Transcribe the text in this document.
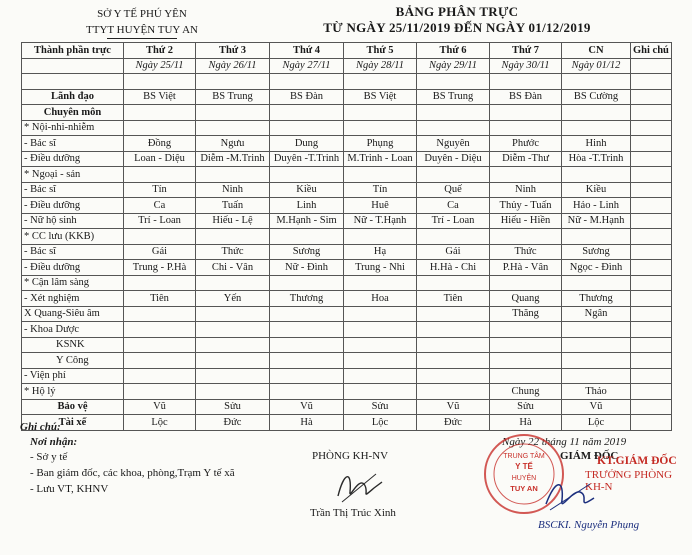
SỞ Y TẾ PHÚ YÊN
TTYT HUYỆN TUY AN
BẢNG PHÂN TRỰC
TỪ NGÀY 25/11/2019 ĐẾN NGÀY 01/12/2019
Thành phần trực	Thứ 2	Thứ 3	Thứ 4	Thứ 5	Thứ 6	Thứ 7	CN	Ghi chú
	Ngày 25/11	Ngày 26/11	Ngày 27/11	Ngày 28/11	Ngày 29/11	Ngày 30/11	Ngày 01/12	

Lãnh đạo	BS Việt	BS Trung	BS Đàn	BS Việt	BS Trung	BS Đàn	BS Cường	
Chuyên môn								
* Nội-nhi-nhiễm								
- Bác sĩ	Đồng	Ngưu	Dung	Phụng	Nguyên	Phước	Hinh	
- Điều dưỡng	Loan - Diệu	Diễm -M.Trinh	Duyên -T.Trinh	M.Trinh - Loan	Duyên - Diệu	Diễm -Thư	Hòa -T.Trinh	
* Ngoại - sản								
- Bác sĩ	Tín	Ninh	Kiều	Tín	Quế	Ninh	Kiều	
- Điều dưỡng	Ca	Tuấn	Linh	Huê	Ca	Thủy - Tuấn	Hảo - Linh	
- Nữ hộ sinh	Trí - Loan	Hiếu - Lệ	M.Hạnh - Sim	Nữ - T.Hạnh	Trí - Loan	Hiếu - Hiền	Nữ - M.Hạnh	
* CC lưu (KKB)								
- Bác sĩ	Gái	Thức	Sương	Hạ	Gái	Thức	Sương	
- Điều dưỡng	Trung - P.Hà	Chi - Vân	Nữ - Đình	Trung - Nhi	H.Hà - Chi	P.Hà - Vân	Ngọc - Đình	
* Cận lâm sàng								
- Xét nghiệm	Tiên	Yến	Thương	Hoa	Tiên	Quang	Thương	
X Quang-Siêu âm						Thăng	Ngân	
- Khoa Dược								
KSNK								
Y Công								
- Viện phí								
* Hộ lý						Chung	Thảo	
Bảo vệ	Vũ	Sửu	Vũ	Sửu	Vũ	Sửu	Vũ	
Tài xế	Lộc	Đức	Hà	Lộc	Đức	Hà	Lộc	
Ghi chú:
Nơi nhận:
- Sở y tế
- Ban giám đốc, các khoa, phòng,Trạm Y tế xã
- Lưu VT, KHNV
PHÒNG KH-NV
Trần Thị Trúc Xinh
Ngày 22 tháng 11 năm 2019
GIÁM ĐỐC
KT.GIÁM ĐỐC
TRƯỞNG PHÒNG KH-N
TRUNG TÂM
Y TẾ
HUYỆN
TUY AN
BSCKI. Nguyễn Phụng
